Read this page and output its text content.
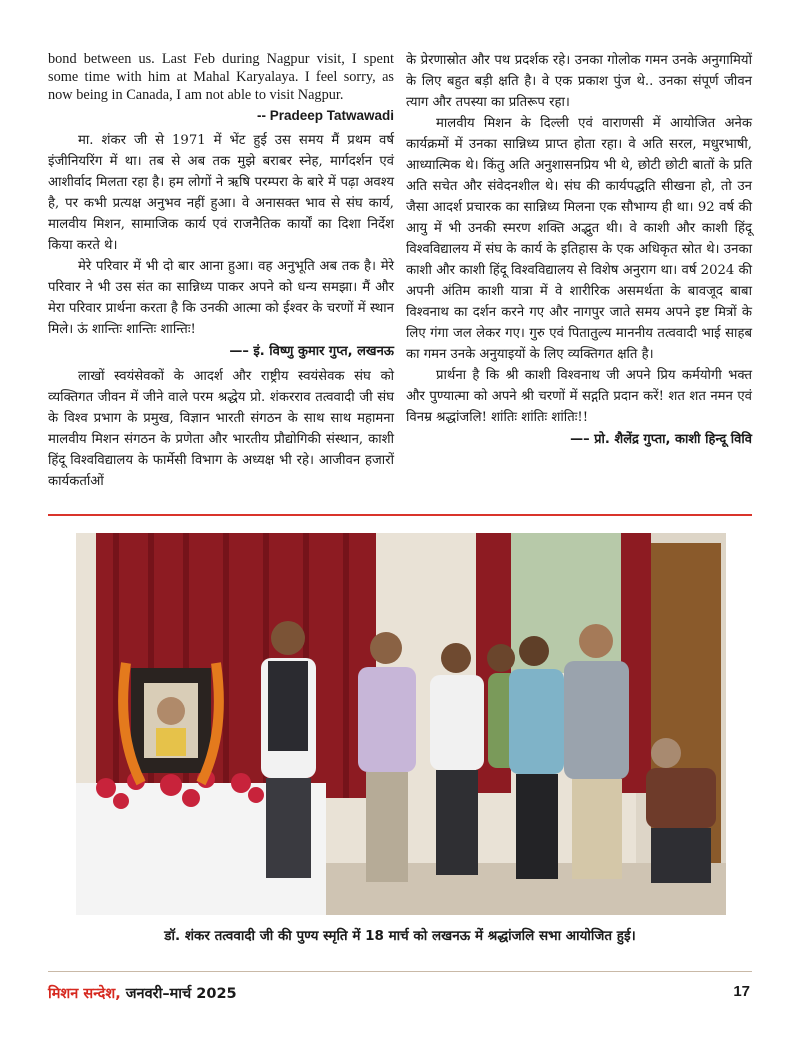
bond between us. Last Feb during Nagpur visit, I spent some time with him at Mahal Karyalaya. I feel sorry, as now being in Canada, I am not able to visit Nagpur.

-- Pradeep Tatwawadi

मा. शंकर जी से 1971 में भेंट हुई उस समय मैं प्रथम वर्ष इंजीनियरिंग में था। तब से अब तक मुझे बराबर स्नेह, मार्गदर्शन एवं आशीर्वाद मिलता रहा है। हम लोगों ने ऋषि परम्परा के बारे में पढ़ा अवश्य है, पर कभी प्रत्यक्ष अनुभव नहीं हुआ। वे अनासक्त भाव से संघ कार्य, मालवीय मिशन, सामाजिक कार्य एवं राजनैतिक कार्यों का दिशा निर्देश किया करते थे।

मेरे परिवार में भी दो बार आना हुआ। वह अनुभूति अब तक है। मेरे परिवार ने भी उस संत का सान्निध्य पाकर अपने को धन्य समझा। मैं और मेरा परिवार प्रार्थना करता है कि उनकी आत्मा को ईश्वर के चरणों में स्थान मिले। ऊं शान्तिः शान्तिः शान्तिः!

—– इं. विष्णु कुमार गुप्त, लखनऊ

लाखों स्वयंसेवकों के आदर्श और राष्ट्रीय स्वयंसेवक संघ को व्यक्तिगत जीवन में जीने वाले परम श्रद्धेय प्रो. शंकरराव तत्ववादी जी संघ के विश्व प्रभाग के प्रमुख, विज्ञान भारती संगठन के साथ साथ महामना मालवीय मिशन संगठन के प्रणेता और भारतीय प्रौद्योगिकी संस्थान, काशी हिंदू विश्वविद्यालय के फार्मेसी विभाग के अध्यक्ष भी रहे। आजीवन हजारों कार्यकर्ताओं

के प्रेरणास्रोत और पथ प्रदर्शक रहे। उनका गोलोक गमन उनके अनुगामियों के लिए बहुत बड़ी क्षति है। वे एक प्रकाश पुंज थे.. उनका संपूर्ण जीवन त्याग और तपस्या का प्रतिरूप रहा।

मालवीय मिशन के दिल्ली एवं वाराणसी में आयोजित अनेक कार्यक्रमों में उनका सान्निध्य प्राप्त होता रहा। वे अति सरल, मधुरभाषी, आध्यात्मिक थे। किंतु अति अनुशासनप्रिय भी थे, छोटी छोटी बातों के प्रति अति सचेत और संवेदनशील थे। संघ की कार्यपद्धति सीखना हो, तो उन जैसा आदर्श प्रचारक का सान्निध्य मिलना एक सौभाग्य ही था। 92 वर्ष की आयु में भी उनकी स्मरण शक्ति अद्भुत थी। वे काशी और काशी हिंदू विश्वविद्यालय में संघ के कार्य के इतिहास के एक अधिकृत स्रोत थे। उनका काशी और काशी हिंदू विश्वविद्यालय से विशेष अनुराग था। वर्ष 2024 की अपनी अंतिम काशी यात्रा में वे शारीरिक असमर्थता के बावजूद बाबा विश्वनाथ का दर्शन करने गए और नागपुर जाते समय अपने इष्ट मित्रों के लिए गंगा जल लेकर गए। गुरु एवं पितातुल्य माननीय तत्ववादी भाई साहब का गमन उनके अनुयाइयों के लिए व्यक्तिगत क्षति है।

प्रार्थना है कि श्री काशी विश्वनाथ जी अपने प्रिय कर्मयोगी भक्त और पुण्यात्मा को अपने श्री चरणों में सद्गति प्रदान करें! शत शत नमन एवं विनम्र श्रद्धांजलि! शांतिः शांतिः शांतिः!!

—– प्रो. शैलेंद्र गुप्ता, काशी हिन्दू विवि
डॉ. शंकर तत्ववादी जी की पुण्य स्मृति में 18 मार्च को लखनऊ में श्रद्धांजलि सभा आयोजित हुई।
मिशन सन्देश, जनवरी–मार्च 2025	17
